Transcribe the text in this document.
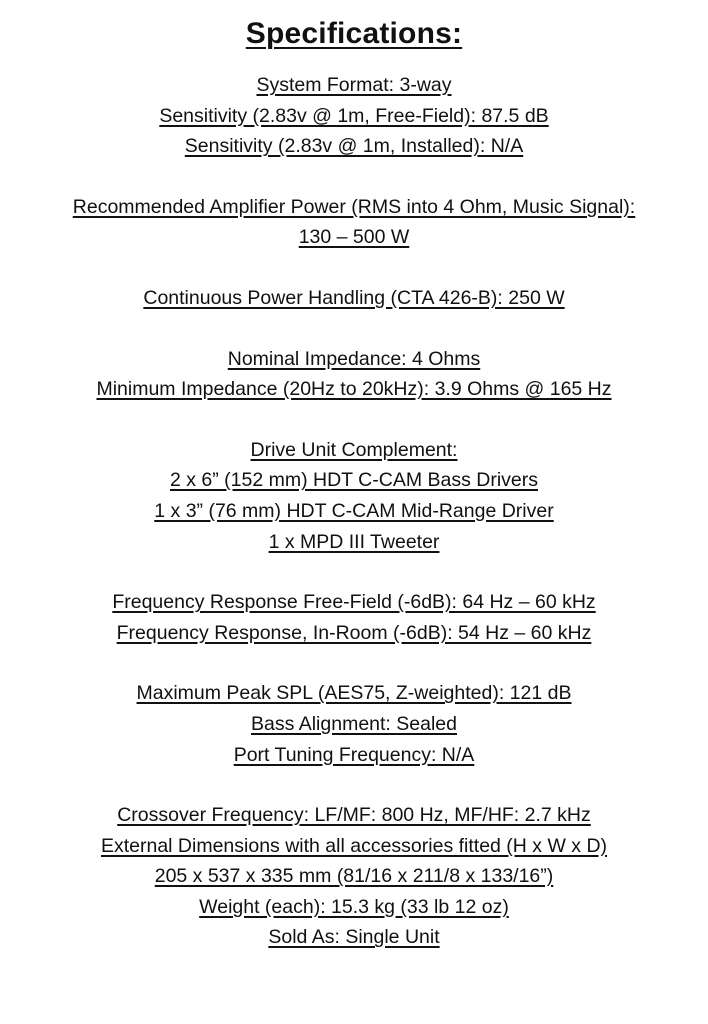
Specifications:
System Format: 3-way
Sensitivity (2.83v @ 1m, Free-Field): 87.5 dB
Sensitivity (2.83v @ 1m, Installed): N/A
Recommended Amplifier Power (RMS into 4 Ohm, Music Signal):
130 – 500 W
Continuous Power Handling (CTA 426-B): 250 W
Nominal Impedance: 4 Ohms
Minimum Impedance (20Hz to 20kHz): 3.9 Ohms @ 165 Hz
Drive Unit Complement:
2 x 6” (152 mm) HDT C-CAM Bass Drivers
1 x 3” (76 mm) HDT C-CAM Mid-Range Driver
1 x MPD III Tweeter
Frequency Response Free-Field (-6dB): 64 Hz – 60 kHz
Frequency Response, In-Room (-6dB): 54 Hz – 60 kHz
Maximum Peak SPL (AES75, Z-weighted): 121 dB
Bass Alignment: Sealed
Port Tuning Frequency: N/A
Crossover Frequency: LF/MF: 800 Hz, MF/HF: 2.7 kHz
External Dimensions with all accessories fitted (H x W x D)
205 x 537 x 335 mm (81/16 x 211/8 x 133/16”)
Weight (each): 15.3 kg (33 lb 12 oz)
Sold As: Single Unit
